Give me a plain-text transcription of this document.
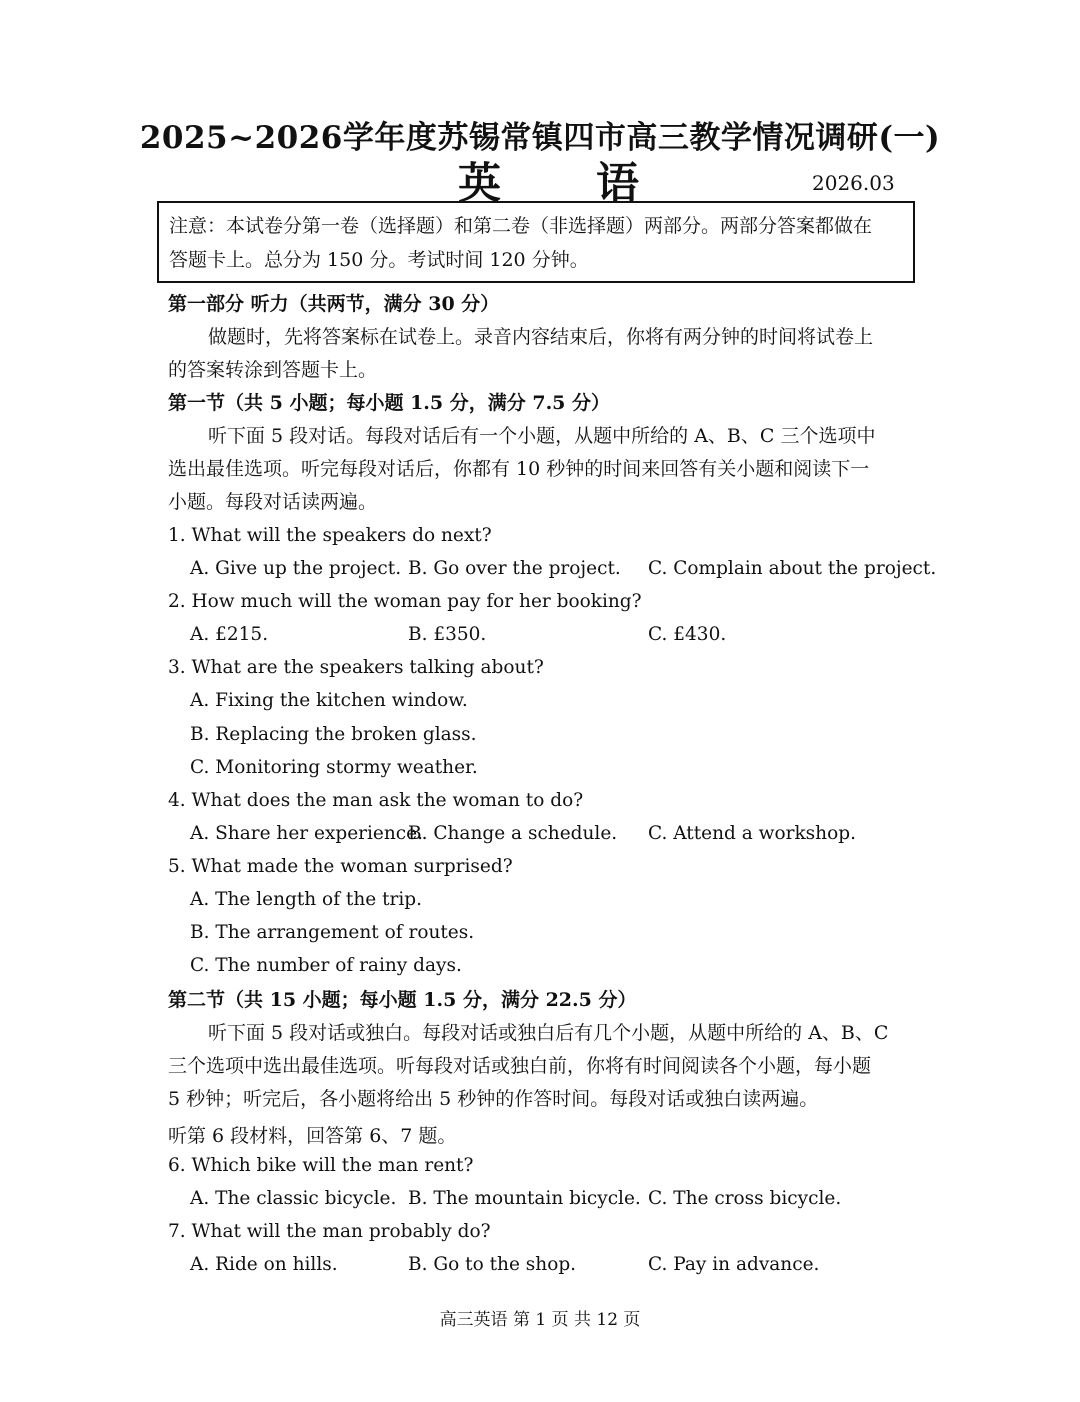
2025~2026学年度苏锡常镇四市高三教学情况调研(一)
英语	2026.03
注意：本试卷分第一卷（选择题）和第二卷（非选择题）两部分。两部分答案都做在
答题卡上。总分为 150 分。考试时间 120 分钟。
第一部分 听力（共两节，满分 30 分）
做题时，先将答案标在试卷上。录音内容结束后，你将有两分钟的时间将试卷上
的答案转涂到答题卡上。
第一节（共 5 小题；每小题 1.5 分，满分 7.5 分）
听下面 5 段对话。每段对话后有一个小题，从题中所给的 A、B、C 三个选项中
选出最佳选项。听完每段对话后，你都有 10 秒钟的时间来回答有关小题和阅读下一
小题。每段对话读两遍。
1. What will the speakers do next?
A. Give up the project. B. Go over the project. C. Complain about the project.
2. How much will the woman pay for her booking?
A. £215.	B. £350.	C. £430.
3. What are the speakers talking about?
A. Fixing the kitchen window.
B. Replacing the broken glass.
C. Monitoring stormy weather.
4. What does the man ask the woman to do?
A. Share her experience.
B. Change a schedule. C. Attend a workshop.
5. What made the woman surprised?
A. The length of the trip.
B. The arrangement of routes.
C. The number of rainy days.
第二节（共 15 小题；每小题 1.5 分，满分 22.5 分）
听下面 5 段对话或独白。每段对话或独白后有几个小题，从题中所给的 A、B、C
三个选项中选出最佳选项。听每段对话或独白前，你将有时间阅读各个小题，每小题
5 秒钟；听完后，各小题将给出 5 秒钟的作答时间。每段对话或独白读两遍。
听第 6 段材料，回答第 6、7 题。
6. Which bike will the man rent?
A. The classic bicycle. B. The mountain bicycle. C. The cross bicycle.
7. What will the man probably do?
A. Ride on hills.	B. Go to the shop.	C. Pay in advance.
高三英语 第 1 页 共 12 页
